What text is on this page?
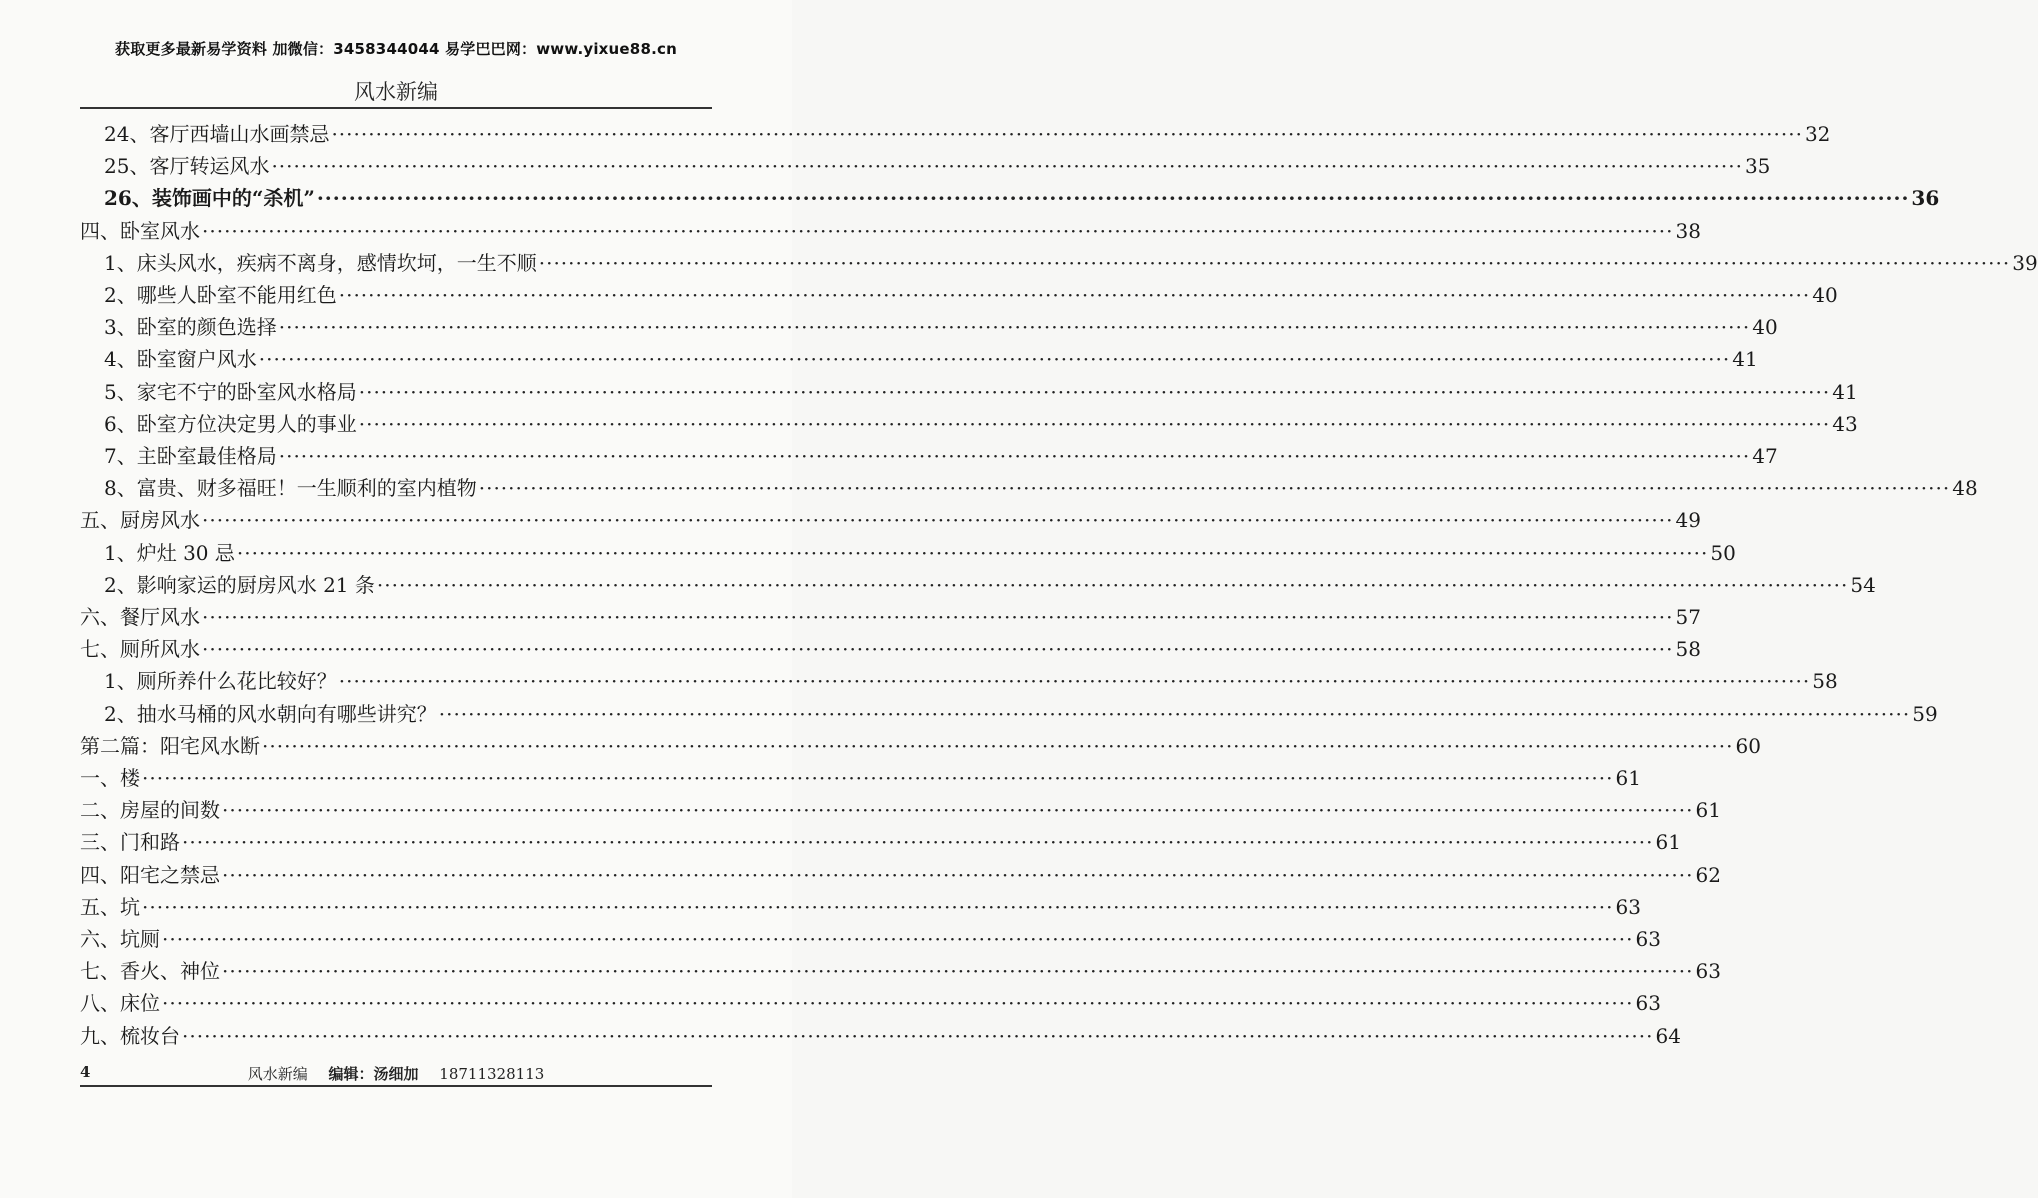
获取更多最新易学资料 加微信：3458344044 易学巴巴网：www.yixue88.cn
风水新编
24、客厅西墙山水画禁忌 ········································································································································································································ 32
25、客厅转运风水 ········································································································································································································ 35
26、装饰画中的“杀机” ········································································································································································································ 36
四、卧室风水 ········································································································································································································ 38
1、床头风水，疾病不离身，感情坎坷，一生不顺 ········································································································································································································ 39
2、哪些人卧室不能用红色 ········································································································································································································ 40
3、卧室的颜色选择 ········································································································································································································ 40
4、卧室窗户风水 ········································································································································································································ 41
5、家宅不宁的卧室风水格局 ········································································································································································································ 41
6、卧室方位决定男人的事业 ········································································································································································································ 43
7、主卧室最佳格局 ········································································································································································································ 47
8、富贵、财多福旺！一生顺利的室内植物 ········································································································································································································ 48
五、厨房风水 ········································································································································································································ 49
1、炉灶 30 忌 ········································································································································································································ 50
2、影响家运的厨房风水 21 条 ········································································································································································································ 54
六、餐厅风水 ········································································································································································································ 57
七、厕所风水 ········································································································································································································ 58
1、厕所养什么花比较好？ ········································································································································································································ 58
2、抽水马桶的风水朝向有哪些讲究？ ········································································································································································································ 59
第二篇：阳宅风水断 ········································································································································································································ 60
一、楼 ········································································································································································································ 61
二、房屋的间数 ········································································································································································································ 61
三、门和路 ········································································································································································································ 61
四、阳宅之禁忌 ········································································································································································································ 62
五、坑 ········································································································································································································ 63
六、坑厕 ········································································································································································································ 63
七、香火、神位 ········································································································································································································ 63
八、床位 ········································································································································································································ 63
九、梳妆台 ········································································································································································································ 64
4	风水新编 编辑：汤细加 18711328113
